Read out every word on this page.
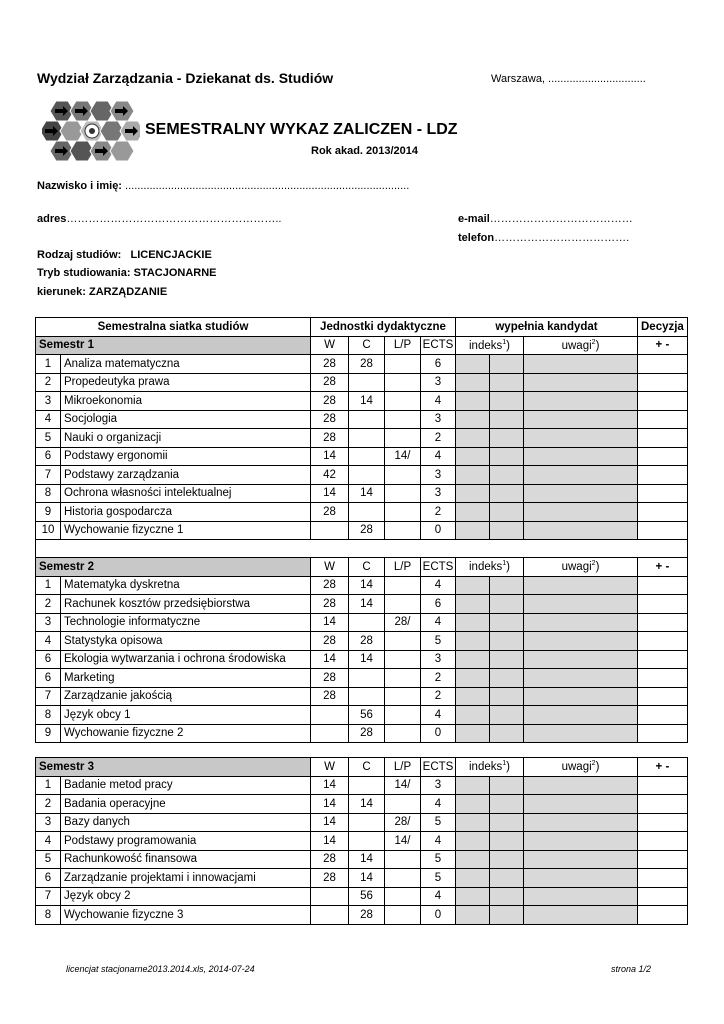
Wydział Zarządzania - Dziekanat ds. Studiów	Warszawa, ................................
SEMESTRALNY WYKAZ ZALICZEN - LDZ
Rok akad. 2013/2014
Nazwisko i imię: .............................................................................................
adres…………………………………………………..	e-mail…………………………………
telefon……………………………….
Rodzaj studiów: LICENCJACKIE
Tryb studiowania: STACJONARNE
kierunek: ZARZĄDZANIE
Semestralna siatka studiów		Jednostki dydaktyczne				wypełnia kandydat			Decyzja
Semestr 1		W	C	L/P	ECTS	indeks$^1$)		uwagi$^2$)	+ -
1	Analiza matematyczna	28	28		6				
2	Propedeutyka prawa	28			3				
3	Mikroekonomia	28	14		4				
4	Socjologia	28			3				
5	Nauki o organizacji	28			2				
6	Podstawy ergonomii	14		14/	4				
7	Podstawy zarządzania	42			3				
8	Ochrona własności intelektualnej	14	14		3				
9	Historia gospodarcza	28			2				
10	Wychowanie fizyczne 1		28		0				

Semestr 2		W	C	L/P	ECTS	indeks$^1$)		uwagi$^2$)	+ -
1	Matematyka dyskretna	28	14		4				
2	Rachunek kosztów przedsiębiorstwa	28	14		6				
3	Technologie informatyczne	14		28/	4				
4	Statystyka opisowa	28	28		5				
6	Ekologia wytwarzania i ochrona środowiska	14	14		3				
6	Marketing	28			2				
7	Zarządzanie jakością	28			2				
8	Język obcy 1		56		4				
9	Wychowanie fizyczne 2		28		0				

Semestr 3		W	C	L/P	ECTS	indeks$^1$)		uwagi$^2$)	+ -
1	Badanie metod pracy	14		14/	3				
2	Badania operacyjne	14	14		4				
3	Bazy danych	14		28/	5				
4	Podstawy programowania	14		14/	4				
5	Rachunkowość finansowa	28	14		5				
6	Zarządzanie projektami i innowacjami	28	14		5				
7	Język obcy 2		56		4				
8	Wychowanie fizyczne 3		28		0				
licencjat stacjonarne2013.2014.xls, 2014-07-24	strona 1/2
